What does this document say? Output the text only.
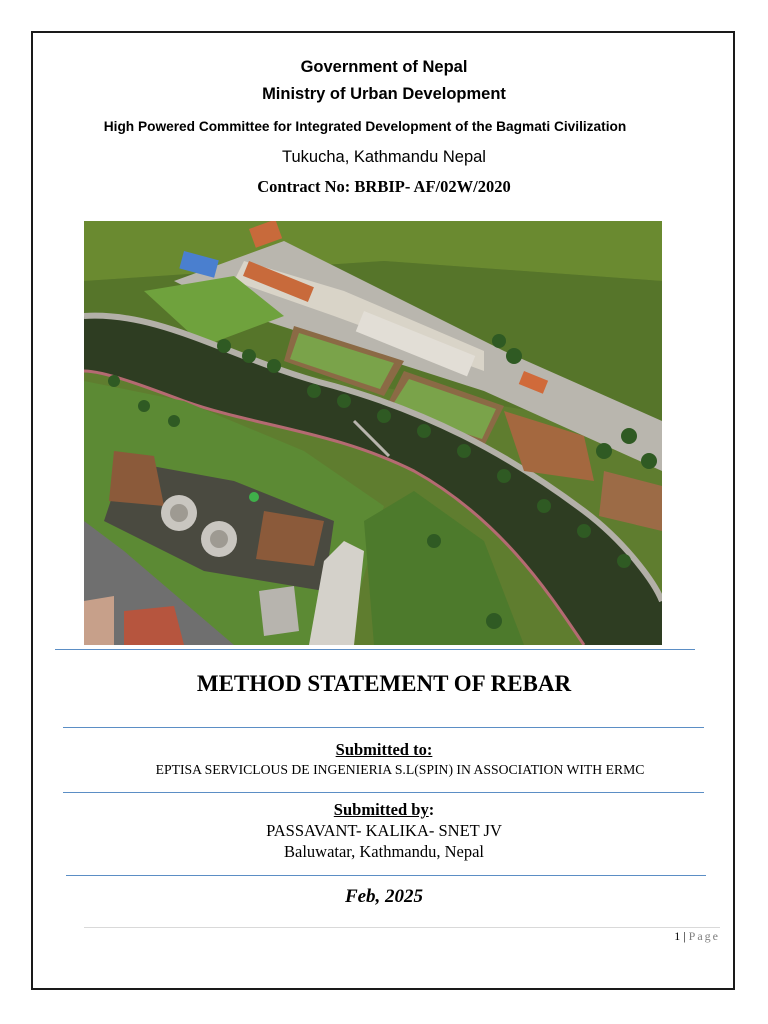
Government of Nepal
Ministry of Urban Development
High Powered Committee for Integrated Development of the Bagmati Civilization
Tukucha, Kathmandu Nepal
Contract No: BRBIP- AF/02W/2020
METHOD STATEMENT OF REBAR
Submitted to:
EPTISA SERVICLOUS DE INGENIERIA S.L(SPIN) IN ASSOCIATION WITH ERMC
Submitted by:
PASSAVANT- KALIKA- SNET JV
Baluwatar, Kathmandu, Nepal
Feb, 2025
1 | Page
